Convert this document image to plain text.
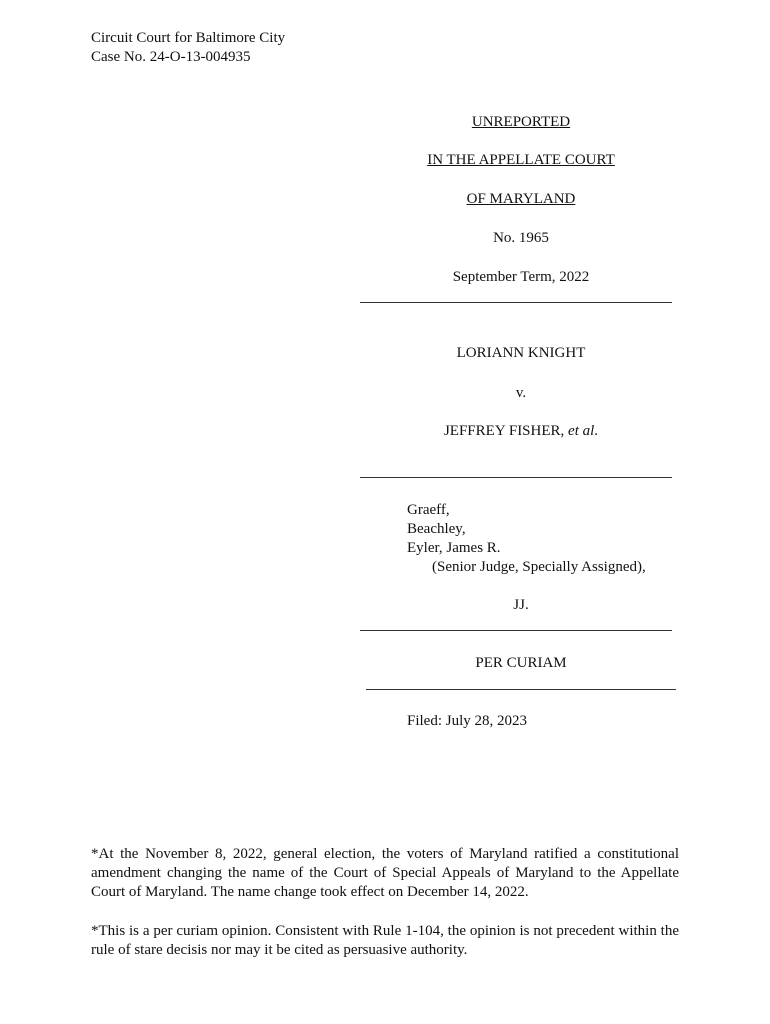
Circuit Court for Baltimore City
Case No. 24-O-13-004935
UNREPORTED
IN THE APPELLATE COURT
OF MARYLAND
No. 1965
September Term, 2022
LORIANN KNIGHT
v.
JEFFREY FISHER, et al.
Graeff,
Beachley,
Eyler, James R.
(Senior Judge, Specially Assigned),
JJ.
PER CURIAM
Filed: July 28, 2023
*At the November 8, 2022, general election, the voters of Maryland ratified a constitutional amendment changing the name of the Court of Special Appeals of Maryland to the Appellate Court of Maryland. The name change took effect on December 14, 2022.
*This is a per curiam opinion. Consistent with Rule 1-104, the opinion is not precedent within the rule of stare decisis nor may it be cited as persuasive authority.
